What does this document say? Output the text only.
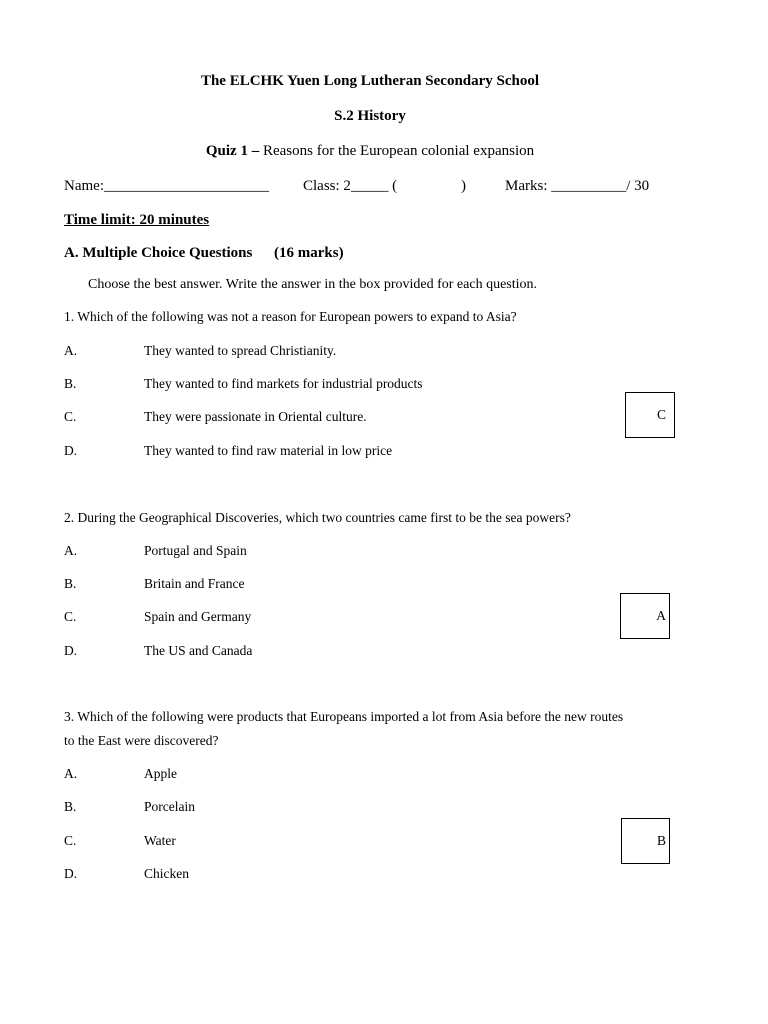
The ELCHK Yuen Long Lutheran Secondary School
S.2 History
Quiz 1 – Reasons for the European colonial expansion
Name:______________________ Class: 2_____ (	)	Marks: __________/ 30
Time limit: 20 minutes
A. Multiple Choice Questions (16 marks)
Choose the best answer. Write the answer in the box provided for each question.
1. Which of the following was not a reason for European powers to expand to Asia?
A.	They wanted to spread Christianity.
B.	They wanted to find markets for industrial products
C.	They were passionate in Oriental culture.
D.	They wanted to find raw material in low price
C
2. During the Geographical Discoveries, which two countries came first to be the sea powers?
A.	Portugal and Spain
B.	Britain and France
C.	Spain and Germany
D.	The US and Canada
A
3. Which of the following were products that Europeans imported a lot from Asia before the new routes
to the East were discovered?
A.	Apple
B.	Porcelain
C.	Water
D.	Chicken
B
